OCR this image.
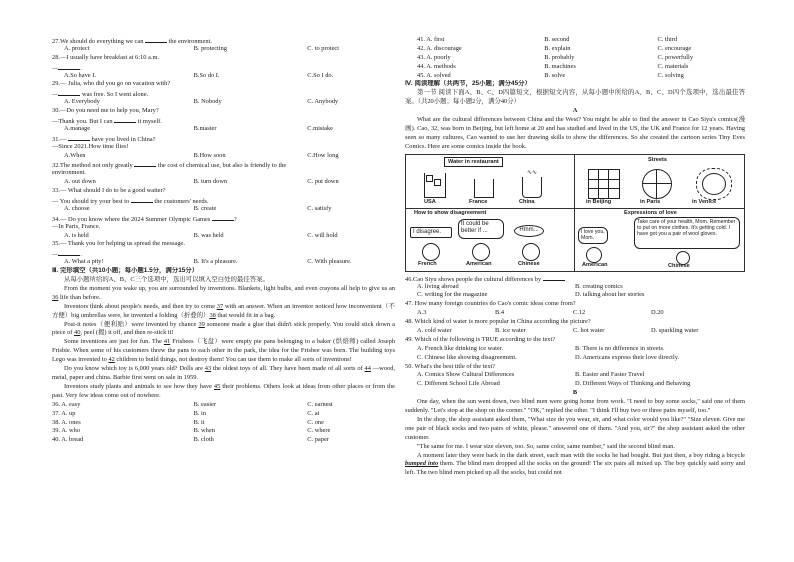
27.We should do everything we can	the environment.
A. protect	B. protecting	C. to protect
28.—I usually have breakfast at 6:10 a.m.
—	.
A.So have I.	B.So do I.	C.So I do.
29.— Julia, who did you go on vacation with?
—	was free. So I went alone.
A. Everybody	B. Nobody	C. Anybody
30.—Do you need me to help you, Mary?
—Thank you. But I can	it myself.
A.manage	B.master	C.mistake
31.—	have you lived in China?
—Since 2021.How time flies!
A.When	B.How soon	C.How long
32.The method not only greatly	the cost of chemical use, but also is friendly to the
environment.
A. out down	B. turn down	C. put down
33.— What should I do to be a good waiter?
— You should try your best to	the customers' needs.
A. choose	B. create	C. satisfy
34.— Do you know where the 2024 Summer Olympic Games	?
—In Paris, France.
A. is held	B. was held	C. will hold
35.— Thank you for helping us spread the message.
—	.
A. What a pity!	B. It's a pleasure.	C. With pleasure.
Ⅲ. 完形填空（共10小题；每小题1.5分，满分15分）
从每小题所给的A、B、C三个选项中，选出可以填入空白处的最佳答案。
From the moment you wake up, you are surrounded by inventions. Blankets, light bulbs, and even crayons all help to give us an 36 life than before.
Inventors think about people's needs, and then try to come 37 with an answer. When an inventor noticed how inconvenient（不方便）big umbrellas were, he invented a folding（折叠的）38 that would fit in a bag.
Post-it notes（便利贴）were invented by chance 39 someone made a glue that didn't stick properly. You could stick down a piece of 40, peel (揭) it off, and then re-stick it!
Some inventions are just for fun. The 41 Frisbees（飞盘）were empty pie pans belonging to a baker (烘焙师) called Joseph Frisbie. When some of his customers threw the pans to each other in the park, the idea for the Frisbee was born. The building toys Lego was invented to 42 children to build things, not destroy them! You can use them to make all sorts of inventions!
Do you know which toy is 6,000 years old? Dolls are 43 the oldest toys of all. They have been made of all sorts of 44 —wood, metal, paper and china. Barbie first went on sale in 1959.
Inventors study plants and animals to see how they have 45 their problems. Others look at ideas from other places or from the past. Very few ideas come out of nowhere.
36. A. easy	B. easier	C. earnest
37. A. up	B. in	C. at
38. A. ones	B. it	C. one
39. A. who	B. when	C. where
40. A. bread	B. cloth	C. paper
41. A. first	B. second	C. third
42. A. discourage	B. explain	C. encourage
43. A. poorly	B. probably	C. powerfully
44. A. methods	B. machines	C. materials
45. A. solved	B. solve	C. solving
Ⅳ. 阅读理解（共两节，25小题；满分45分）
第一节 阅读下面A、B、C、D四篇短文，根据短文内容，从每小题中所给的A、B、C、D四个选项中，选出最佳答案。（共20小题；每小题2分，满分40分）
A
What are the cultural differences between China and the West? You might be able to find the answer in Cao Siyu's comics(漫画). Cao, 32, was born in Beijing, but left home at 20 and has studied and lived in the US, the UK and France for 12 years. Having seen so many cultures, Cao wanted to use her drawing skills to show the differences. So she created the cartoon series Tiny Eves Comics. Here are some comics inside the book.
Water in restaurant
∿∿
USA	France	China
Streets
in Beijing	in Paris	in Venice
How to show disagreement
I disagree.
It could be better if ...	Hmm...
French	American	Chinese
Expressions of love
I love you, Mom.
Take care of your health, Mom. Remember to put on more clothes. It's getting cold. I have got you a pair of wool gloves.
American	Chinese
46.Cao Siyu shows people the cultural differences by
A. living abroad	B. creating comics
C. writing for the magazine	D. talking about her stories
47. How many foreign countries do Cao's comic ideas come from?
A.3	B.4	C.12	D.20
48. Which kind of water is more popular in China according the picture?
A. cold water	B. ice water	C. hot water	D. sparkling water
49. Which of the following is TRUE according to the text?
A. French like drinking ice water.	B. There is no difference in streets.
C. Chinese like showing disagreement.	D. Americans express their love directly.
50. What's the best title of the text?
A. Comics Show Cultural Differences	B. Easier and Faster Travel
C. Different School Life Abroad	D. Different Ways of Thinking and Behaving
B
One day, when the sun went down, two blind men were going home from work. "I need to buy some socks," said one of them suddenly. "Let's stop at the shop on the corner." "OK," replied the other. "I think I'll buy two or three pairs myself, too."
In the shop, the shop assistant asked them, "What size do you wear, sir, and what color would you like?" "Size eleven. Give me one pair of black socks and two pairs of white, please." answered one of them. "And you, sir?" the shop assistant asked the other customer.
"The same for me. I wear size eleven, too. So, same color, same number," said the second blind man.
A moment later they were back in the dark street, each man with the socks he had bought. But just then, a boy riding a bicycle bumped into them. The blind men dropped all the socks on the ground! The six pairs all mixed up. The boy quickly said sorry and left. The two blind men picked up all the socks, but could not
